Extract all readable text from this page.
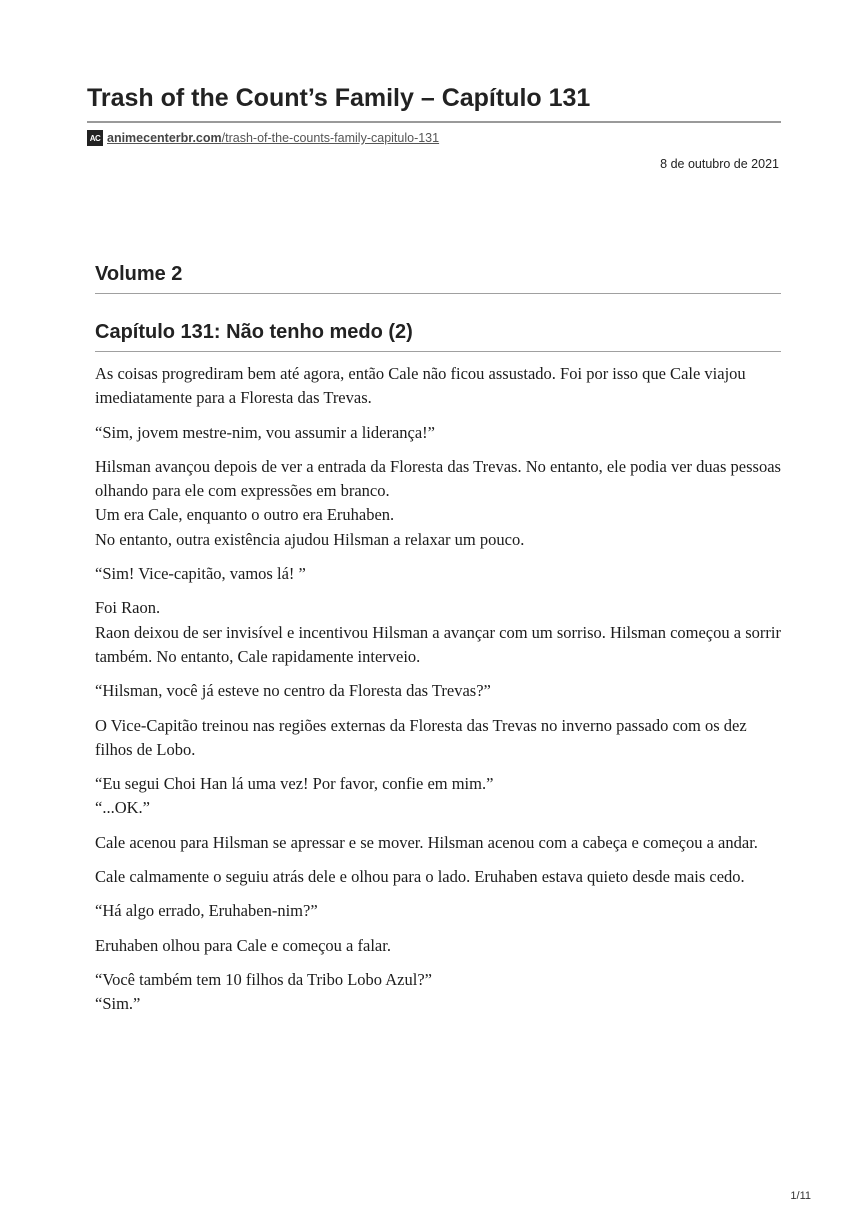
Trash of the Count’s Family – Capítulo 131
AC animecenterbr.com/trash-of-the-counts-family-capitulo-131

8 de outubro de 2021

Volume 2
Capítulo 131: Não tenho medo (2)

As coisas progrediram bem até agora, então Cale não ficou assustado. Foi por isso que Cale viajou imediatamente para a Floresta das Trevas.

“Sim, jovem mestre-nim, vou assumir a liderança!”

Hilsman avançou depois de ver a entrada da Floresta das Trevas. No entanto, ele podia ver duas pessoas olhando para ele com expressões em branco.
Um era Cale, enquanto o outro era Eruhaben.
No entanto, outra existência ajudou Hilsman a relaxar um pouco.

“Sim! Vice-capitão, vamos lá! ”

Foi Raon.
Raon deixou de ser invisível e incentivou Hilsman a avançar com um sorriso. Hilsman começou a sorrir também. No entanto, Cale rapidamente interveio.

“Hilsman, você já esteve no centro da Floresta das Trevas?”

O Vice-Capitão treinou nas regiões externas da Floresta das Trevas no inverno passado com os dez filhos de Lobo.

“Eu segui Choi Han lá uma vez! Por favor, confie em mim.”
“...OK.”

Cale acenou para Hilsman se apressar e se mover. Hilsman acenou com a cabeça e começou a andar.

Cale calmamente o seguiu atrás dele e olhou para o lado. Eruhaben estava quieto desde mais cedo.

“Há algo errado, Eruhaben-nim?”

Eruhaben olhou para Cale e começou a falar.

“Você também tem 10 filhos da Tribo Lobo Azul?”
“Sim.”

1/11
